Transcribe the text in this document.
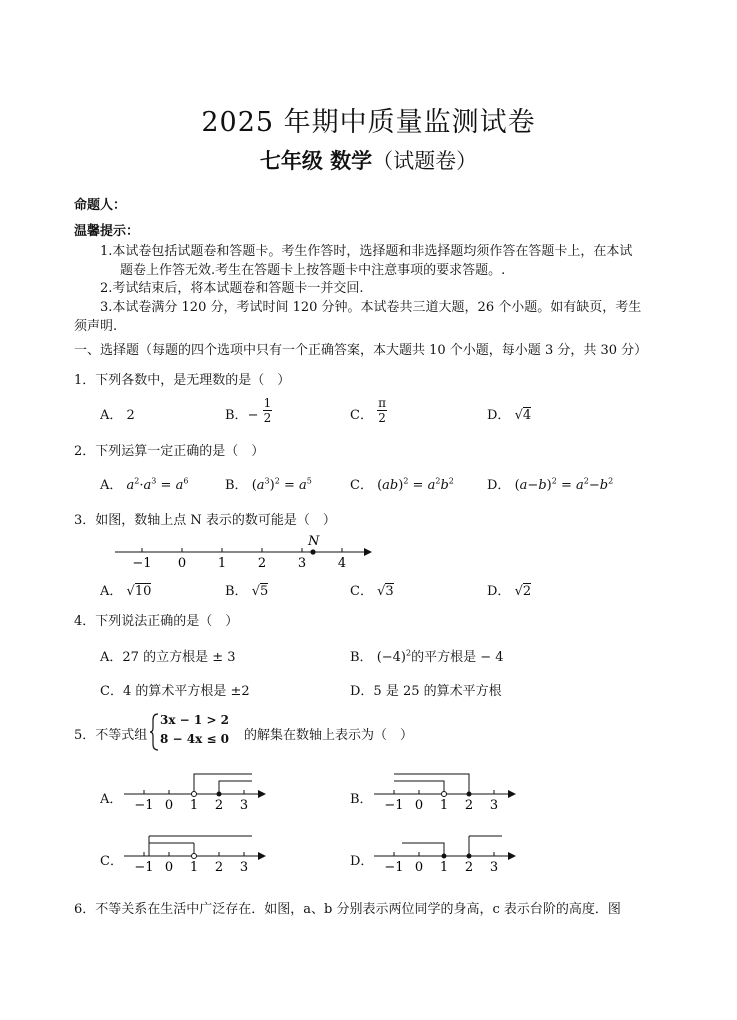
2025 年期中质量监测试卷
七年级 数学（试题卷）
命题人：
温馨提示：
1.本试卷包括试题卷和答题卡。考生作答时，选择题和非选择题均须作答在答题卡上，在本试
题卷上作答无效.考生在答题卡上按答题卡中注意事项的要求答题。.
2.考试结束后，将本试题卷和答题卡一并交回.
3.本试卷满分 120 分，考试时间 120 分钟。本试卷共三道大题，26 个小题。如有缺页，考生
须声明.
一、选择题（每题的四个选项中只有一个正确答案，本大题共 10 个小题，每小题 3 分，共 30 分）
1．下列各数中，是无理数的是（　）
A． 2	B．− $\frac{1}{2}$	C． $\frac{\pi}{2}$	D． √4
2．下列运算一定正确的是（　）
A． $a^2\cdot a^3 = a^6$	B． $(a^3)^2 = a^5$	C． $(ab)^2 = a^2b^2$	D． $(a-b)^2 = a^2-b^2$
3．如图，数轴上点 N 表示的数可能是（　）
−1 0 1 2 3 4
N
A． √10	B． √5	C． √3	D． √2
4．下列说法正确的是（　）
A．27 的立方根是 ± 3	B． $(-4)^2$的平方根是 − 4
C．4 的算术平方根是 ±2	D．5 是 25 的算术平方根
5．不等式组
3x − 1 > 2
8 − 4x ≤ 0 的解集在数轴上表示为（　）
A． −1 0 1 2 3	B． −1 0 1 2 3
C． −1 0 1 2 3	D． −1 0 1 2 3
6．不等关系在生活中广泛存在．如图，a、b 分别表示两位同学的身高，c 表示台阶的高度．图
